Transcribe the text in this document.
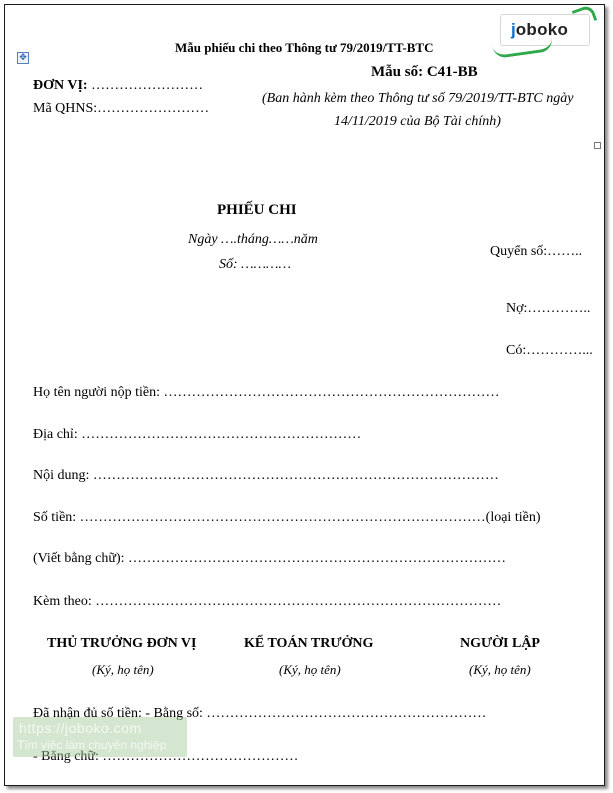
✥
joboko
Mẫu phiếu chi theo Thông tư 79/2019/TT-BTC
Mẫu số: C41-BB
(Ban hành kèm theo Thông tư số 79/2019/TT-BTC ngày
14/11/2019 của Bộ Tài chính)
ĐƠN VỊ: ……………………
Mã QHNS:……………………
PHIẾU CHI
Ngày ….tháng……năm
Số: …………
Quyển số:……..
Nợ:…………..
Có:…………...
Họ tên người nộp tiền: ………………………………………………………………
Địa chỉ: ……………………………………………………
Nội dung: ……………………………………………………………………………
Số tiền: ……………………………………………………………………………(loại tiền)
(Viết bằng chữ): ………………………………………………………………………
Kèm theo: ……………………………………………………………………………
THỦ TRƯỞNG ĐƠN VỊ
(Ký, họ tên)
KẾ TOÁN TRƯỞNG
(Ký, họ tên)
NGƯỜI LẬP
(Ký, họ tên)
Đã nhận đủ số tiền: - Bằng số: ……………………………………………………
- Bằng chữ: ……………………………………
https://joboko.com
Tìm việc làm chuyên nghiệp
